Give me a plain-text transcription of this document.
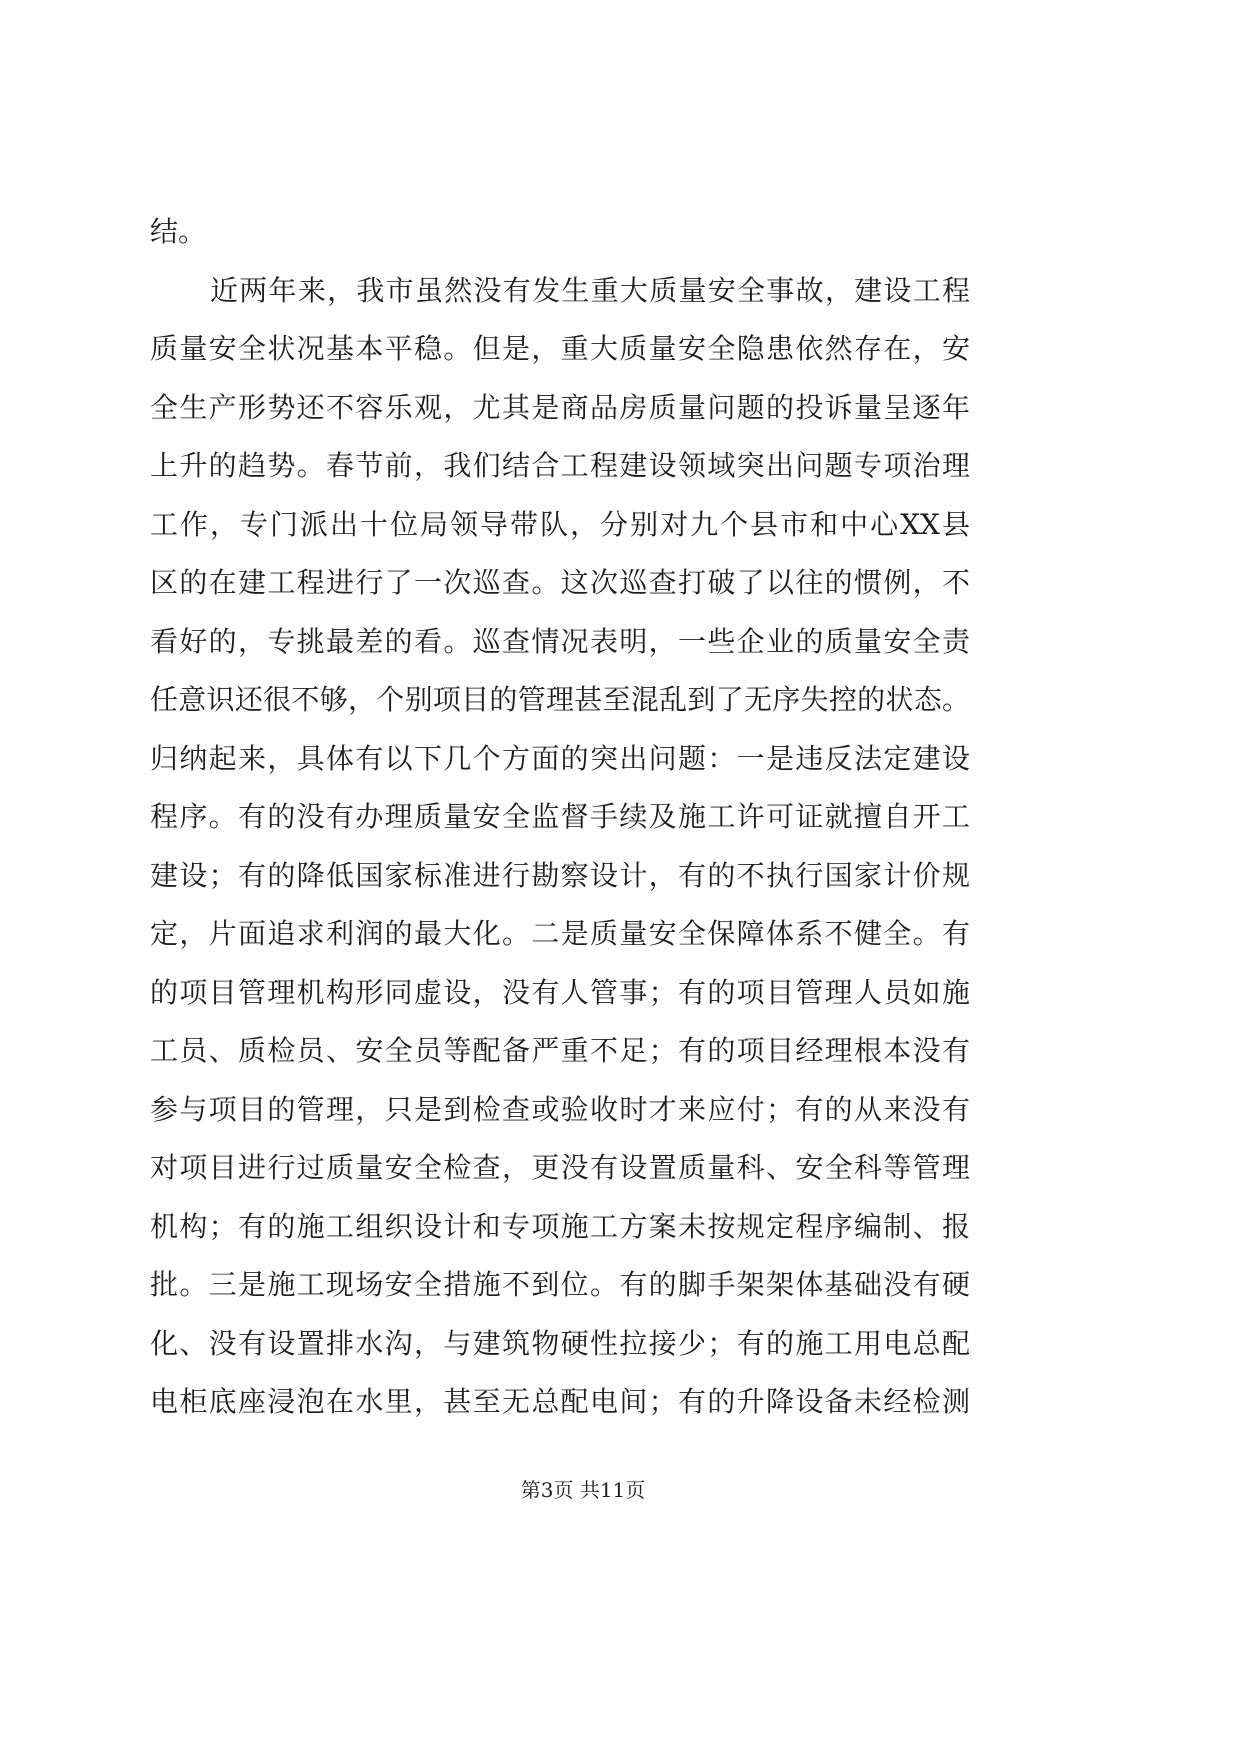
结。
近两年来，我市虽然没有发生重大质量安全事故，建设工程
质量安全状况基本平稳。但是，重大质量安全隐患依然存在，安
全生产形势还不容乐观，尤其是商品房质量问题的投诉量呈逐年
上升的趋势。春节前，我们结合工程建设领域突出问题专项治理
工作，专门派出十位局领导带队，分别对九个县市和中心XX县
区的在建工程进行了一次巡查。这次巡查打破了以往的惯例，不
看好的，专挑最差的看。巡查情况表明，一些企业的质量安全责
任意识还很不够，个别项目的管理甚至混乱到了无序失控的状态。
归纳起来，具体有以下几个方面的突出问题：一是违反法定建设
程序。有的没有办理质量安全监督手续及施工许可证就擅自开工
建设；有的降低国家标准进行勘察设计，有的不执行国家计价规
定，片面追求利润的最大化。二是质量安全保障体系不健全。有
的项目管理机构形同虚设，没有人管事；有的项目管理人员如施
工员、质检员、安全员等配备严重不足；有的项目经理根本没有
参与项目的管理，只是到检查或验收时才来应付；有的从来没有
对项目进行过质量安全检查，更没有设置质量科、安全科等管理
机构；有的施工组织设计和专项施工方案未按规定程序编制、报
批。三是施工现场安全措施不到位。有的脚手架架体基础没有硬
化、没有设置排水沟，与建筑物硬性拉接少；有的施工用电总配
电柜底座浸泡在水里，甚至无总配电间；有的升降设备未经检测
第3页 共11页
